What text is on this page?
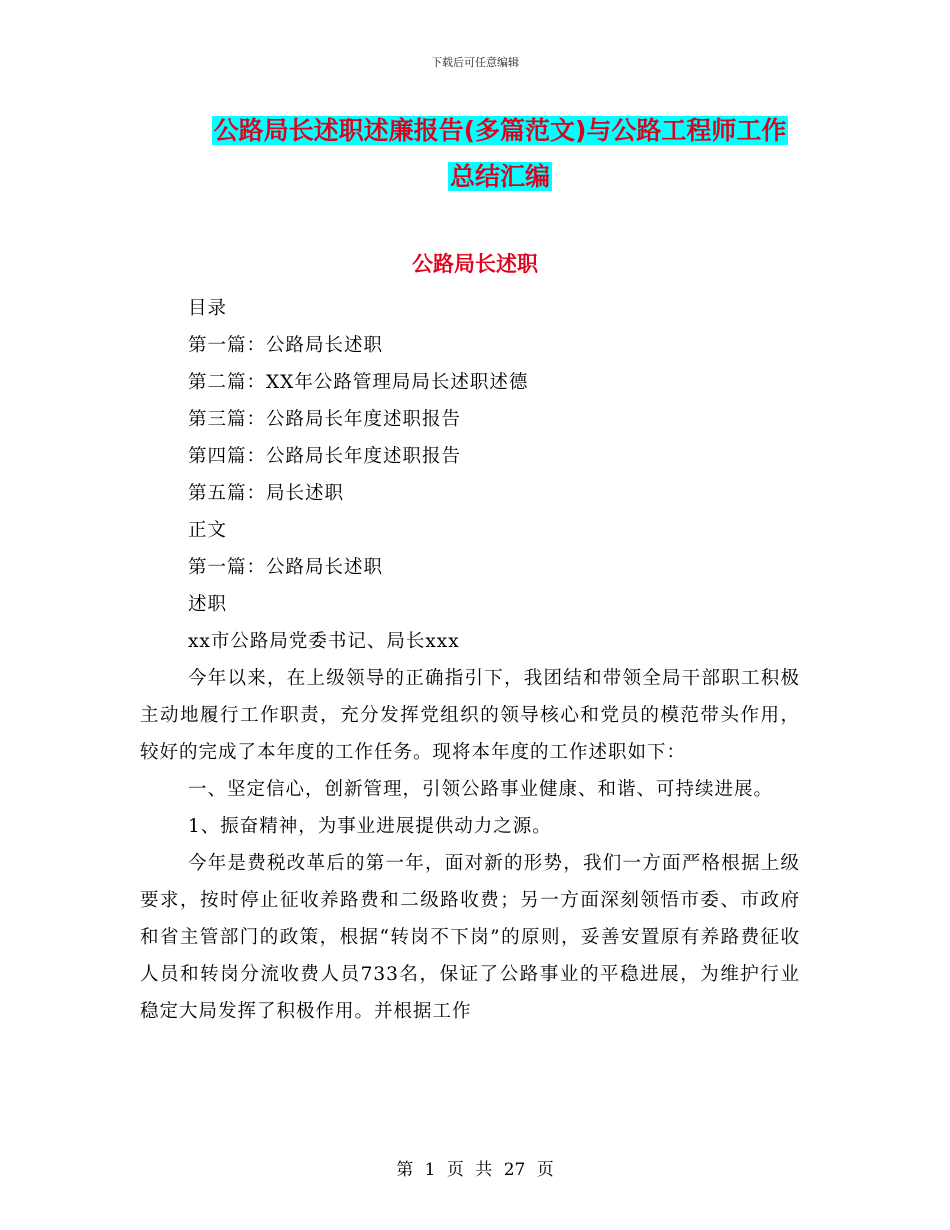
下载后可任意编辑
公路局长述职述廉报告(多篇范文)与公路工程师工作
总结汇编
公路局长述职

目录

第一篇：公路局长述职

第二篇：XX年公路管理局局长述职述德

第三篇：公路局长年度述职报告

第四篇：公路局长年度述职报告

第五篇：局长述职

正文

第一篇：公路局长述职

述职

xx市公路局党委书记、局长xxx

今年以来，在上级领导的正确指引下，我团结和带领全局干部职工积极主动地履行工作职责，充分发挥党组织的领导核心和党员的模范带头作用，较好的完成了本年度的工作任务。现将本年度的工作述职如下：

一、坚定信心，创新管理，引领公路事业健康、和谐、可持续进展。

1、振奋精神，为事业进展提供动力之源。

今年是费税改革后的第一年，面对新的形势，我们一方面严格根据上级要求，按时停止征收养路费和二级路收费；另一方面深刻领悟市委、市政府和省主管部门的政策，根据“转岗不下岗”的原则，妥善安置原有养路费征收人员和转岗分流收费人员733名，保证了公路事业的平稳进展，为维护行业稳定大局发挥了积极作用。并根据工作

第 1 页 共 27 页
